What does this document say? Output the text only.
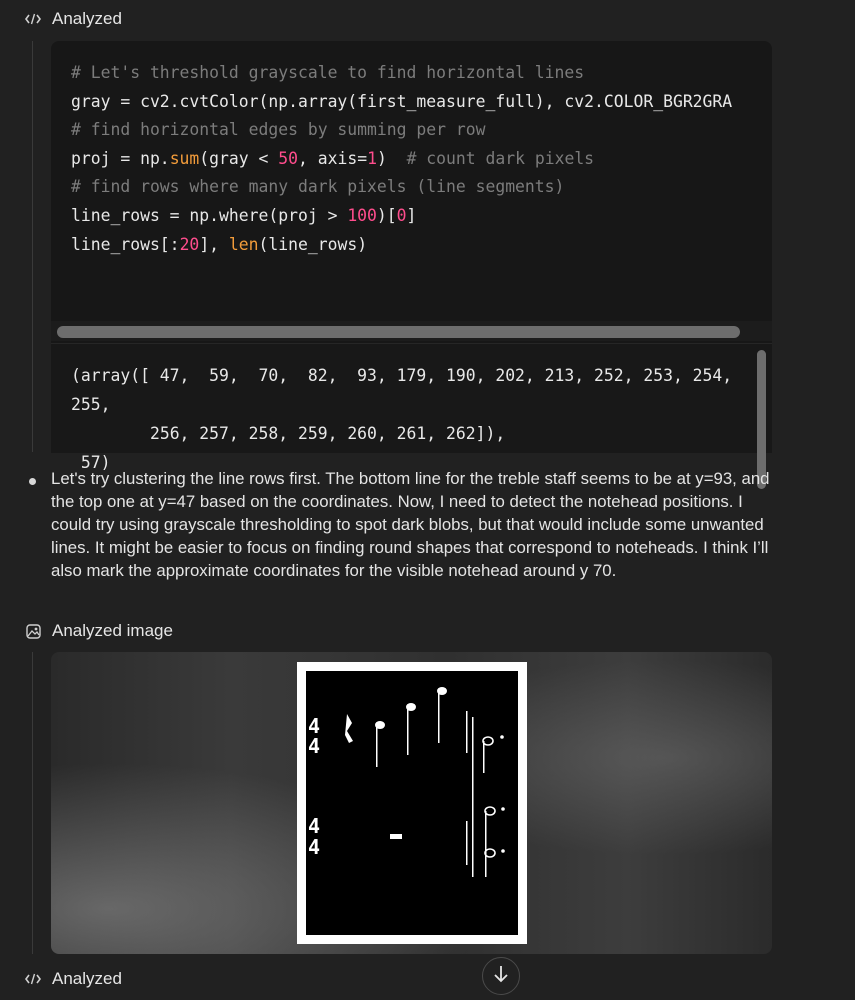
Analyzed
# Let's threshold grayscale to find horizontal lines
gray = cv2.cvtColor(np.array(first_measure_full), cv2.COLOR_BGR2GRA
# find horizontal edges by summing per row
proj = np.sum(gray < 50, axis=1)  # count dark pixels
# find rows where many dark pixels (line segments)
line_rows = np.where(proj > 100)[0]
line_rows[:20], len(line_rows)
(array([ 47,  59,  70,  82,  93, 179, 190, 202, 213, 252, 253, 254, 255,
256, 257, 258, 259, 260, 261, 262]),
57)
Let's try clustering the line rows first. The bottom line for the treble staff seems to be at y=93, and the top one at y=47 based on the coordinates. Now, I need to detect the notehead positions. I could try using grayscale thresholding to spot dark blobs, but that would include some unwanted lines. It might be easier to focus on finding round shapes that correspond to noteheads. I think I’ll also mark the approximate coordinates for the visible notehead around y 70.
Analyzed image
4
4
4
4
Analyzed
